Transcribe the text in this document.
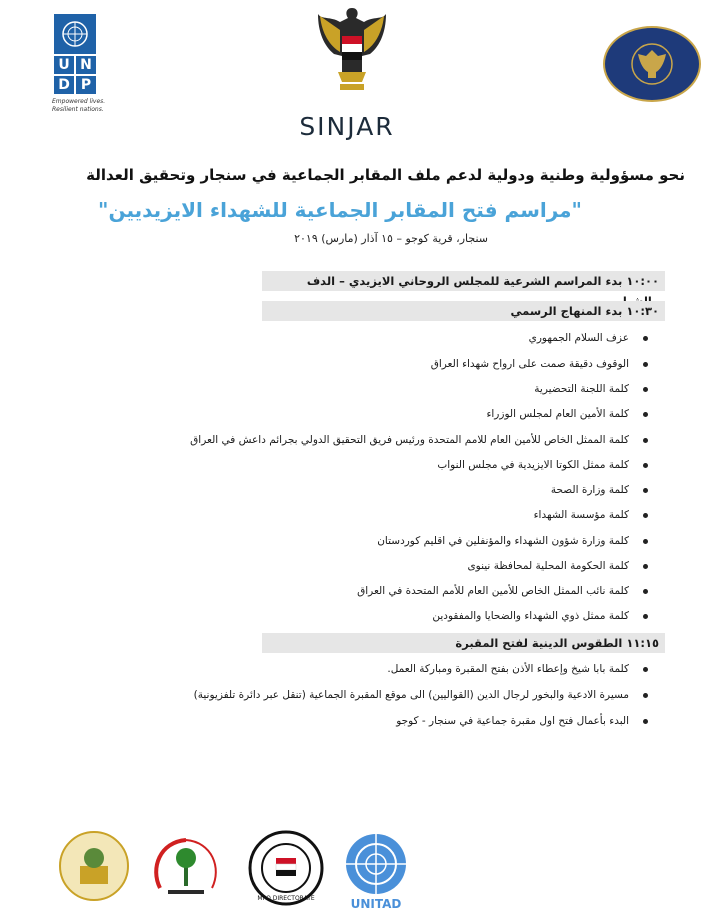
U N
D P
Empowered lives.
Resilient nations.
SINJAR
نحو مسؤولية وطنية ودولية لدعم ملف المقابر الجماعية في سنجار وتحقيق العدالة
"مراسم فتح المقابر الجماعية للشهداء الايزيديين"
سنجار، قرية كوجو – ١٥ آذار (مارس) ٢٠١٩
١٠:٠٠ بدء المراسم الشرعية للمجلس الروحاني الايزيدي – الدف
١٠:٣٠ بدء المنهاج الرسمي
عزف السلام الجمهوري
الوقوف دقيقة صمت على ارواح شهداء العراق
كلمة اللجنة التحضيرية
كلمة الأمين العام لمجلس الوزراء
كلمة الممثل الخاص للأمين العام للامم المتحدة ورئيس فريق التحقيق الدولي بجرائم داعش في العراق
كلمة ممثل الكوتا الايزيدية في مجلس النواب
كلمة وزارة الصحة
كلمة مؤسسة الشهداء
كلمة وزارة شؤون الشهداء والمؤنفلين في اقليم كوردستان
كلمة الحكومة المحلية لمحافظة نينوى
كلمة نائب الممثل الخاص للأمين العام للأمم المتحدة في العراق
كلمة ممثل ذوي الشهداء والضحايا والمفقودين
١١:١٥ الطقوس الدينية لفتح المقبرة
كلمة بابا شيخ وإعطاء الأذن بفتح المقبرة ومباركة العمل.
مسيرة الادعية والبخور لرجال الدين (القواليين) الى موقع المقبرة الجماعية (تنقل عبر دائرة تلفزيونية)
البدء بأعمال فتح اول مقبرة جماعية في سنجار - كوجو
MPO DIRECTORATE	UNITAD
